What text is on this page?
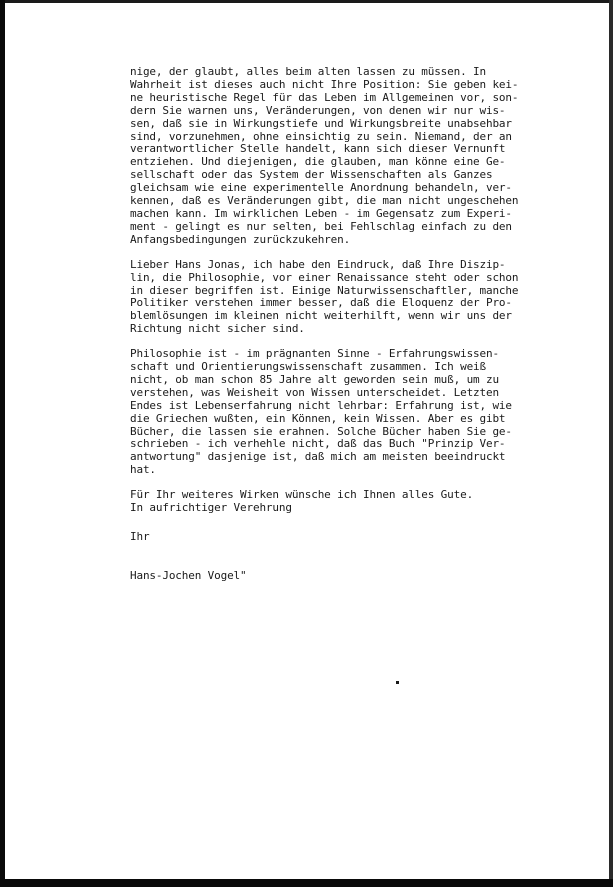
nige, der glaubt, alles beim alten lassen zu müssen. In
Wahrheit ist dieses auch nicht Ihre Position: Sie geben kei-
ne heuristische Regel für das Leben im Allgemeinen vor, son-
dern Sie warnen uns, Veränderungen, von denen wir nur wis-
sen, daß sie in Wirkungstiefe und Wirkungsbreite unabsehbar
sind, vorzunehmen, ohne einsichtig zu sein. Niemand, der an
verantwortlicher Stelle handelt, kann sich dieser Vernunft
entziehen. Und diejenigen, die glauben, man könne eine Ge-
sellschaft oder das System der Wissenschaften als Ganzes
gleichsam wie eine experimentelle Anordnung behandeln, ver-
kennen, daß es Veränderungen gibt, die man nicht ungeschehen
machen kann. Im wirklichen Leben - im Gegensatz zum Experi-
ment - gelingt es nur selten, bei Fehlschlag einfach zu den
Anfangsbedingungen zurückzukehren.
Lieber Hans Jonas, ich habe den Eindruck, daß Ihre Diszip-
lin, die Philosophie, vor einer Renaissance steht oder schon
in dieser begriffen ist. Einige Naturwissenschaftler, manche
Politiker verstehen immer besser, daß die Eloquenz der Pro-
blemlösungen im kleinen nicht weiterhilft, wenn wir uns der
Richtung nicht sicher sind.
Philosophie ist - im prägnanten Sinne - Erfahrungswissen-
schaft und Orientierungswissenschaft zusammen. Ich weiß
nicht, ob man schon 85 Jahre alt geworden sein muß, um zu
verstehen, was Weisheit von Wissen unterscheidet. Letzten
Endes ist Lebenserfahrung nicht lehrbar: Erfahrung ist, wie
die Griechen wußten, ein Können, kein Wissen. Aber es gibt
Bücher, die lassen sie erahnen. Solche Bücher haben Sie ge-
schrieben - ich verhehle nicht, daß das Buch "Prinzip Ver-
antwortung" dasjenige ist, daß mich am meisten beeindruckt
hat.
Für Ihr weiteres Wirken wünsche ich Ihnen alles Gute.
In aufrichtiger Verehrung
Ihr
Hans-Jochen Vogel"
